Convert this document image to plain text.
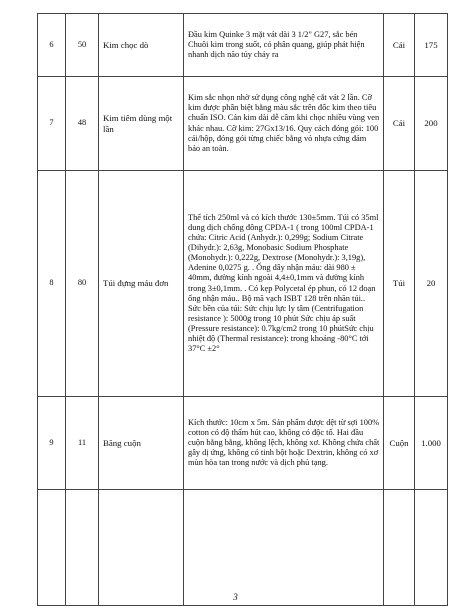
6	50	Kim chọc dò	Đầu kim Quinke 3 mặt vát dài 3 1/2" G27, sắc bén
Chuôi kim trong suốt, có phân quang, giúp phát hiện nhanh dịch não tủy chảy ra	Cái	175
7	48	Kim tiêm dùng một lần	Kim sắc nhọn nhờ sử dụng công nghệ cắt vát 2 lần. Cỡ kim được phân biệt bằng màu sắc trên đốc kim theo tiêu chuẩn ISO. Cán kim dài dễ cầm khi chọc nhiều vùng ven khác nhau. Cỡ kim: 27Gx13/16. Quy cách đóng gói: 100 cái/hộp, đóng gói từng chiếc bằng vỏ nhựa cứng đảm bảo an toàn.	Cái	200
8	80	Túi đựng máu đơn	Thể tích 250ml và có kích thước 130±5mm. Túi có 35ml dung dịch chống đông CPDA-1 ( trong 100ml CPDA-1 chứa: Citric Acid (Anhydr.): 0,299g; Sodium Citrate (Dihydr.): 2,63g, Monobasic Sodium Phosphate (Monohydr.): 0,222g, Dextrose (Monohydr.): 3,19g), Adenine 0,0275 g. . Ống dây nhận máu: dài 980 ± 40mm, đường kính ngoài 4,4±0,1mm và đường kính trong 3±0,1mm. . Có kẹp Polycetal ép phun, có 12 đoạn ống nhận máu.. Bộ mã vạch ISBT 128 trên nhãn túi.. Sức bền của túi: Sức chịu lực ly tâm (Centrifugation resistance ): 5000g trong 10 phút Sức chịu áp suất (Pressure resistance): 0.7kg/cm2 trong 10 phútSức chịu nhiệt độ (Thermal resistance): trong khoảng -80°C tới 37°C ±2°	Túi	20
9	11	Băng cuộn	Kích thước: 10cm x 5m. Sản phẩm được dệt từ sợi 100% cotton có độ thấm hút cao, không có độc tố. Hai đầu cuộn bằng bằng, không lệch, không xơ. Không chứa chất gây dị ứng, không có tinh bột hoặc Dextrin, không có xơ mùn hòa tan trong nước và dịch phủ tạng.	Cuộn	1.000

3
